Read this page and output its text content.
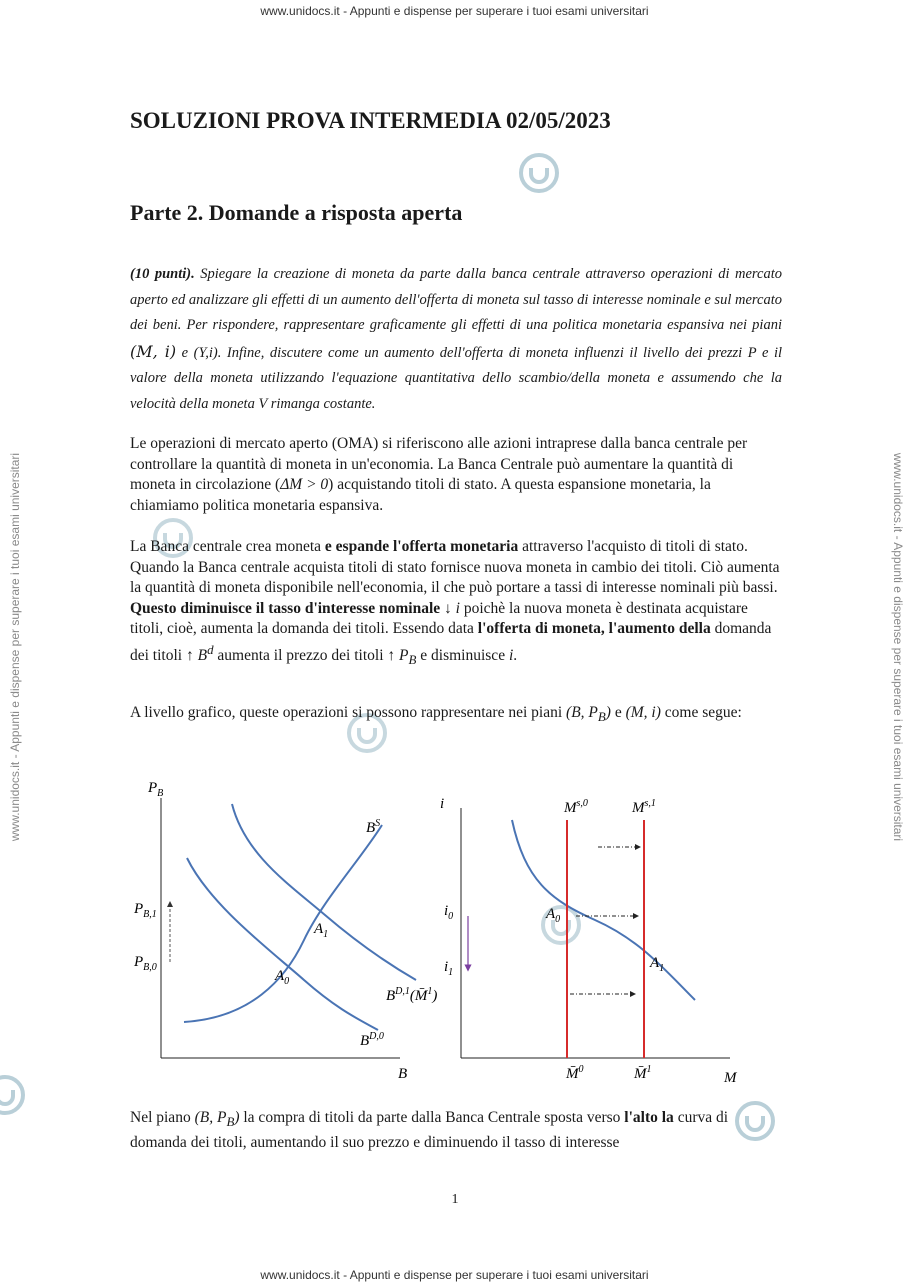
www.unidocs.it - Appunti e dispense per superare i tuoi esami universitari
www.unidocs.it - Appunti e dispense per superare i tuoi esami universitari
www.unidocs.it - Appunti e dispense per superare i tuoi esami universitari	www.unidocs.it - Appunti e dispense per superare i tuoi esami universitari
SOLUZIONI PROVA INTERMEDIA 02/05/2023
Parte 2. Domande a risposta aperta

(10 punti). Spiegare la creazione di moneta da parte dalla banca centrale attraverso operazioni di mercato aperto ed analizzare gli effetti di un aumento dell'offerta di moneta sul tasso di interesse nominale e sul mercato dei beni. Per rispondere, rappresentare graficamente gli effetti di una politica monetaria espansiva nei piani (M, i) e (Y,i). Infine, discutere come un aumento dell'offerta di moneta influenzi il livello dei prezzi P e il valore della moneta utilizzando l'equazione quantitativa dello scambio/della moneta e assumendo che la velocità della moneta V rimanga costante.

Le operazioni di mercato aperto (OMA) si riferiscono alle azioni intraprese dalla banca centrale per controllare la quantità di moneta in un'economia. La Banca Centrale può aumentare la quantità di moneta in circolazione (ΔM > 0) acquistando titoli di stato. A questa espansione monetaria, la chiamiamo politica monetaria espansiva.

La Banca centrale crea moneta e espande l'offerta monetaria attraverso l'acquisto di titoli di stato. Quando la Banca centrale acquista titoli di stato fornisce nuova moneta in cambio dei titoli. Ciò aumenta la quantità di moneta disponibile nell'economia, il che può portare a tassi di interesse nominali più bassi. Questo diminuisce il tasso d'interesse nominale ↓ i poichè la nuova moneta è destinata acquistare titoli, cioè, aumenta la domanda dei titoli. Essendo data l'offerta di moneta, l'aumento della domanda dei titoli ↑ $B^d$ aumenta il prezzo dei titoli ↑ $P_B$ e disminuisce i.

A livello grafico, queste operazioni si possono rappresentare nei piani (B, $P_B$) e (M, i) come segue:

$P_B$
B
$B^S$
$B^{D,0}$
$B^{D,1}(M̄^1)$
$P_{B,1}$
$P_{B,0}$
$A_0$
$A_1$
i
M
$i_0$
$i_1$
M$^{s,0}$	M$^{s,1}$
M̄$^0$	M̄$^1$
$A_0$
$A_1$

Nel piano (B, $P_B$) la compra di titoli da parte dalla Banca Centrale sposta verso l'alto la curva di domanda dei titoli, aumentando il suo prezzo e diminuendo il tasso di interesse

1
